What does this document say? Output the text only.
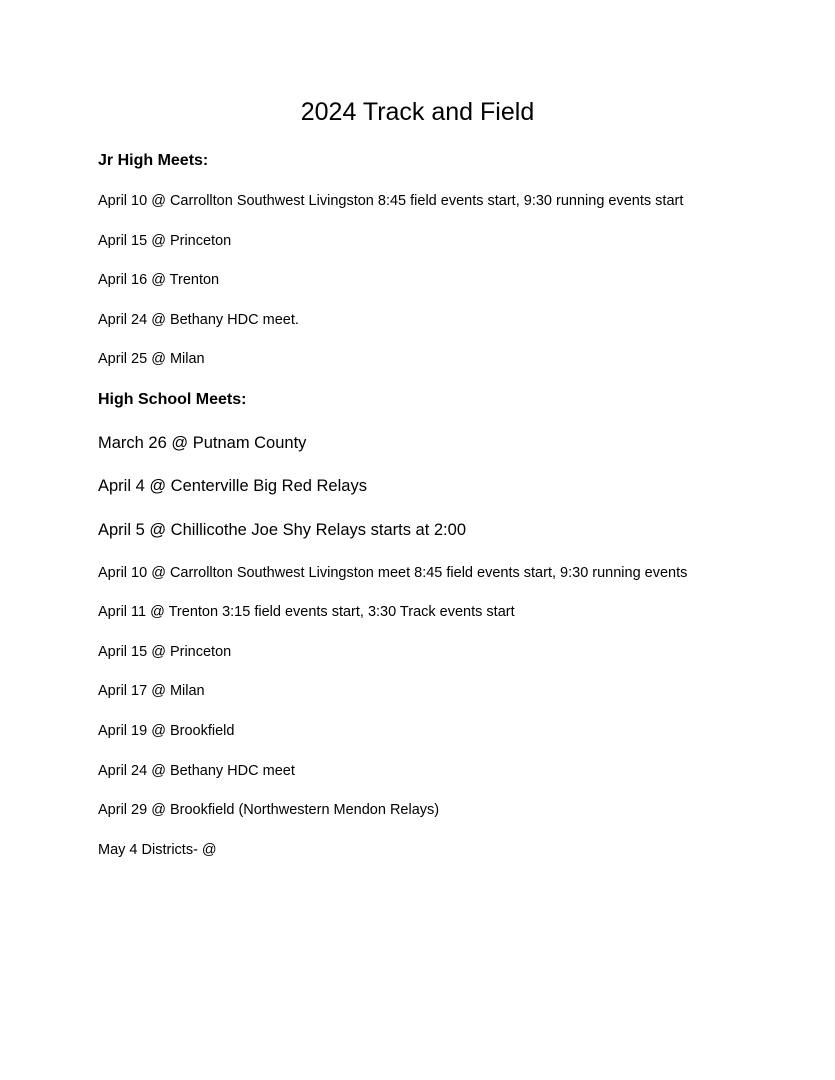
2024 Track and Field
Jr High Meets:
April 10 @ Carrollton Southwest Livingston 8:45 field events start, 9:30 running events start
April 15 @ Princeton
April 16 @ Trenton
April 24 @ Bethany HDC meet.
April 25 @ Milan
High School Meets:
March 26 @ Putnam County
April 4 @ Centerville Big Red Relays
April 5 @ Chillicothe Joe Shy Relays starts at 2:00
April 10 @ Carrollton Southwest Livingston meet 8:45 field events start, 9:30 running events
April 11 @ Trenton 3:15 field events start, 3:30 Track events start
April 15 @ Princeton
April 17 @ Milan
April 19 @ Brookfield
April 24 @ Bethany HDC meet
April 29 @ Brookfield (Northwestern Mendon Relays)
May 4 Districts- @
